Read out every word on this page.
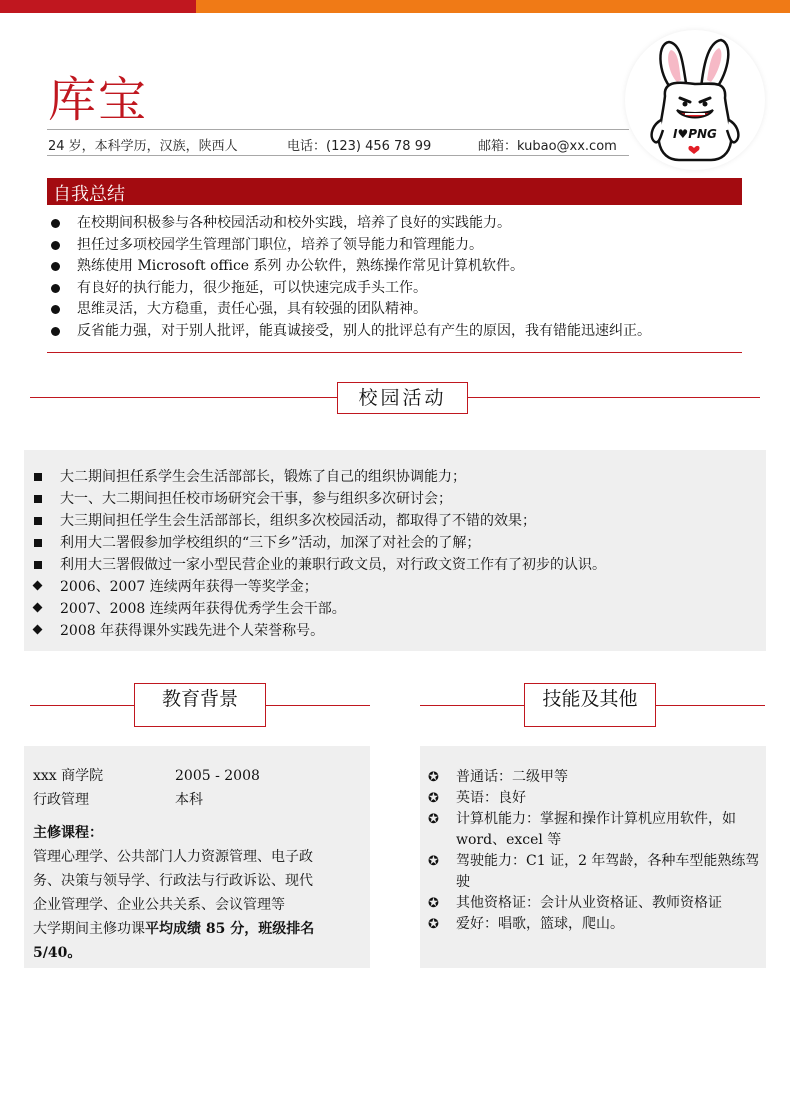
库宝
24 岁，本科学历，汉族，陕西人	电话：(123) 456 78 99	邮箱：kubao@xx.com
I♥PNG
自我总结
在校期间积极参与各种校园活动和校外实践，培养了良好的实践能力。
担任过多项校园学生管理部门职位，培养了领导能力和管理能力。
熟练使用 Microsoft office 系列 办公软件，熟练操作常见计算机软件。
有良好的执行能力，很少拖延，可以快速完成手头工作。
思维灵活，大方稳重，责任心强，具有较强的团队精神。
反省能力强，对于别人批评，能真诚接受，别人的批评总有产生的原因，我有错能迅速纠正。
校园活动
大二期间担任系学生会生活部部长，锻炼了自己的组织协调能力；
大一、大二期间担任校市场研究会干事，参与组织多次研讨会；
大三期间担任学生会生活部部长，组织多次校园活动，都取得了不错的效果；
利用大二署假参加学校组织的“三下乡”活动，加深了对社会的了解；
利用大三署假做过一家小型民营企业的兼职行政文员，对行政文资工作有了初步的认识。
2006、2007 连续两年获得一等奖学金；
2007、2008 连续两年获得优秀学生会干部。
2008 年获得课外实践先进个人荣誉称号。
教育背景	技能及其他
xxx 商学院	2005 - 2008
行政管理	本科
主修课程：
管理心理学、公共部门人力资源管理、电子政
务、决策与领导学、行政法与行政诉讼、现代
企业管理学、企业公共关系、会议管理等
大学期间主修功课平均成绩 85 分，班级排名
5/40。
✪ 普通话：二级甲等
✪ 英语：良好
✪ 计算机能力：掌握和操作计算机应用软件，如 word、excel 等
✪ 驾驶能力：C1 证，2 年驾龄，各种车型能熟练驾驶
✪ 其他资格证：会计从业资格证、教师资格证
✪ 爱好：唱歌，篮球，爬山。
